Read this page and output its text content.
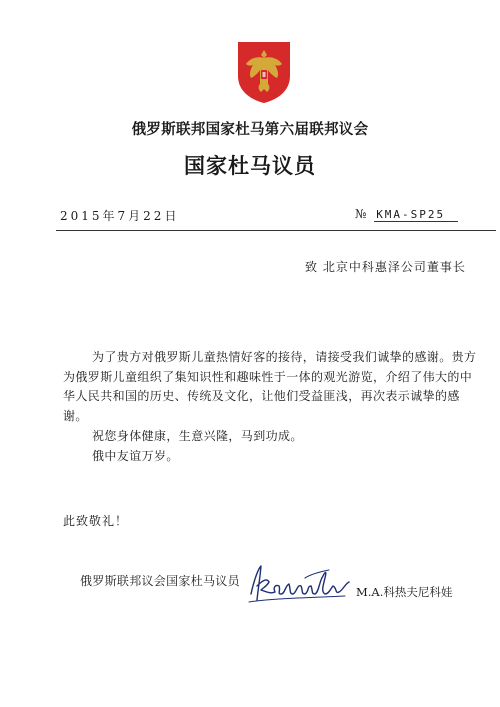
俄罗斯联邦国家杜马第六届联邦议会
国家杜马议员
2015年7月22日	№ KMA-SP25
致 北京中科惠泽公司董事长

为了贵方对俄罗斯儿童热情好客的接待，请接受我们诚挚的感谢。贵方为俄罗斯儿童组织了集知识性和趣味性于一体的观光游览，介绍了伟大的中华人民共和国的历史、传统及文化，让他们受益匪浅，再次表示诚挚的感谢。

祝您身体健康，生意兴隆，马到功成。
俄中友谊万岁。
此致敬礼！
俄罗斯联邦议会国家杜马议员
M.A.科热夫尼科娃
